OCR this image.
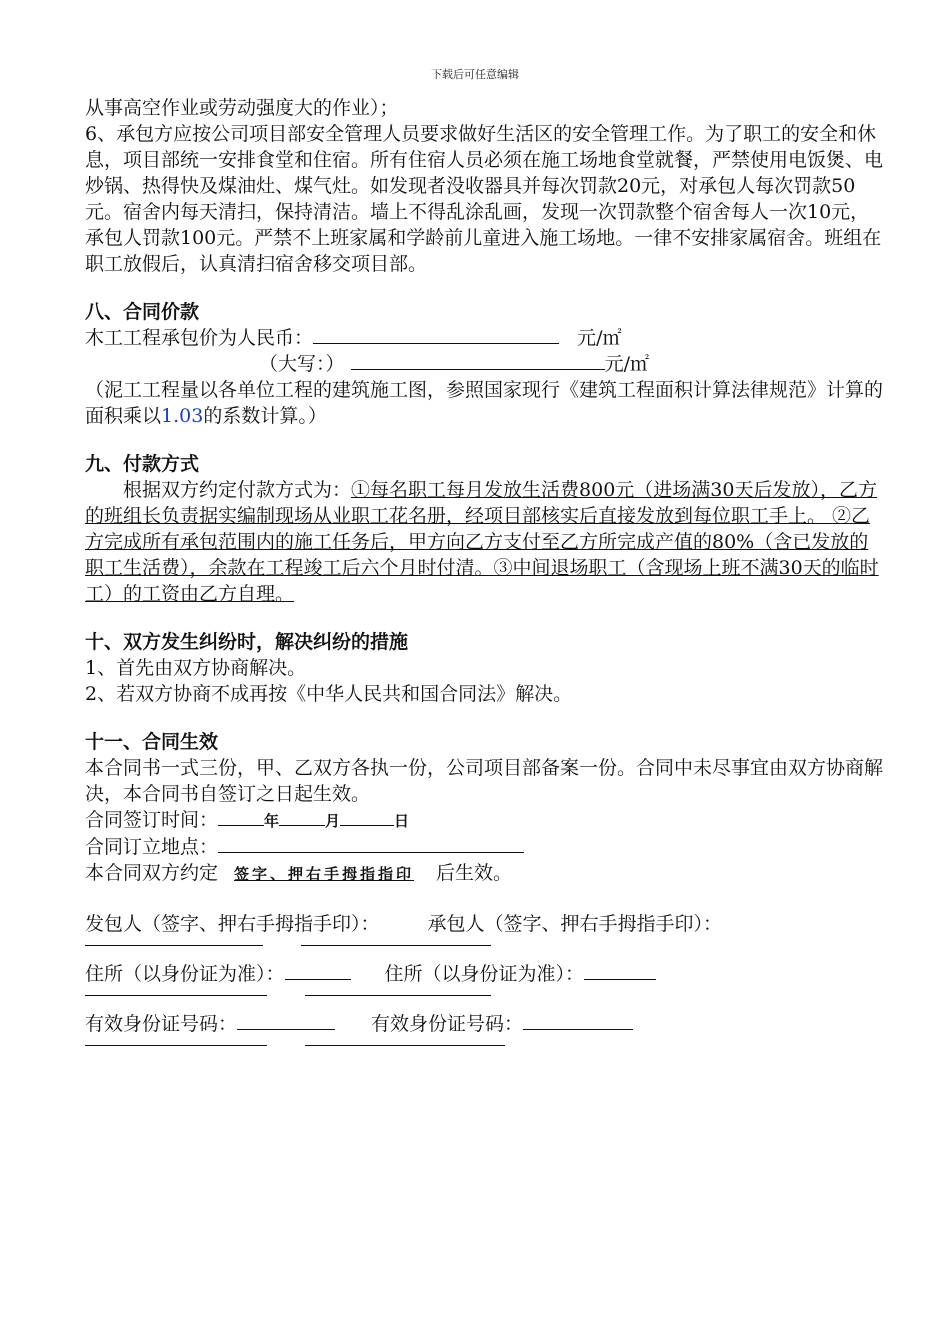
下载后可任意编辑

从事高空作业或劳动强度大的作业）；

6、承包方应按公司项目部安全管理人员要求做好生活区的安全管理工作。为了职工的安全和休息，项目部统一安排食堂和住宿。所有住宿人员必须在施工场地食堂就餐，严禁使用电饭煲、电炒锅、热得快及煤油灶、煤气灶。如发现者没收器具并每次罚款20元，对承包人每次罚款50元。宿舍内每天清扫，保持清洁。墙上不得乱涂乱画，发现一次罚款整个宿舍每人一次10元，承包人罚款100元。严禁不上班家属和学龄前儿童进入施工场地。一律不安排家属宿舍。班组在职工放假后，认真清扫宿舍移交项目部。

八、合同价款

木工工程承包价为人民币：	元/㎡

（大写：）	元/㎡

（泥工工程量以各单位工程的建筑施工图，参照国家现行《建筑工程面积计算法律规范》计算的面积乘以1.03的系数计算。）

九、付款方式

根据双方约定付款方式为：①每名职工每月发放生活费800元（进场满30天后发放），乙方的班组长负责据实编制现场从业职工花名册，经项目部核实后直接发放到每位职工手上。 ②乙方完成所有承包范围内的施工任务后，甲方向乙方支付至乙方所完成产值的80%（含已发放的职工生活费），余款在工程竣工后六个月时付清。③中间退场职工（含现场上班不满30天的临时工）的工资由乙方自理。

十、双方发生纠纷时，解决纠纷的措施

1、首先由双方协商解决。

2、若双方协商不成再按《中华人民共和国合同法》解决。

十一、合同生效

本合同书一式三份，甲、乙双方各执一份，公司项目部备案一份。合同中未尽事宜由双方协商解决，本合同书自签订之日起生效。

合同签订时间：	年	月	日

合同订立地点：

本合同双方约定 签字、押右手拇指指印 后生效。

发包人（签字、押右手拇指手印）：	承包人（签字、押右手拇指手印）：

住所（以身份证为准）：	住所（以身份证为准）：

有效身份证号码：	有效身份证号码：
